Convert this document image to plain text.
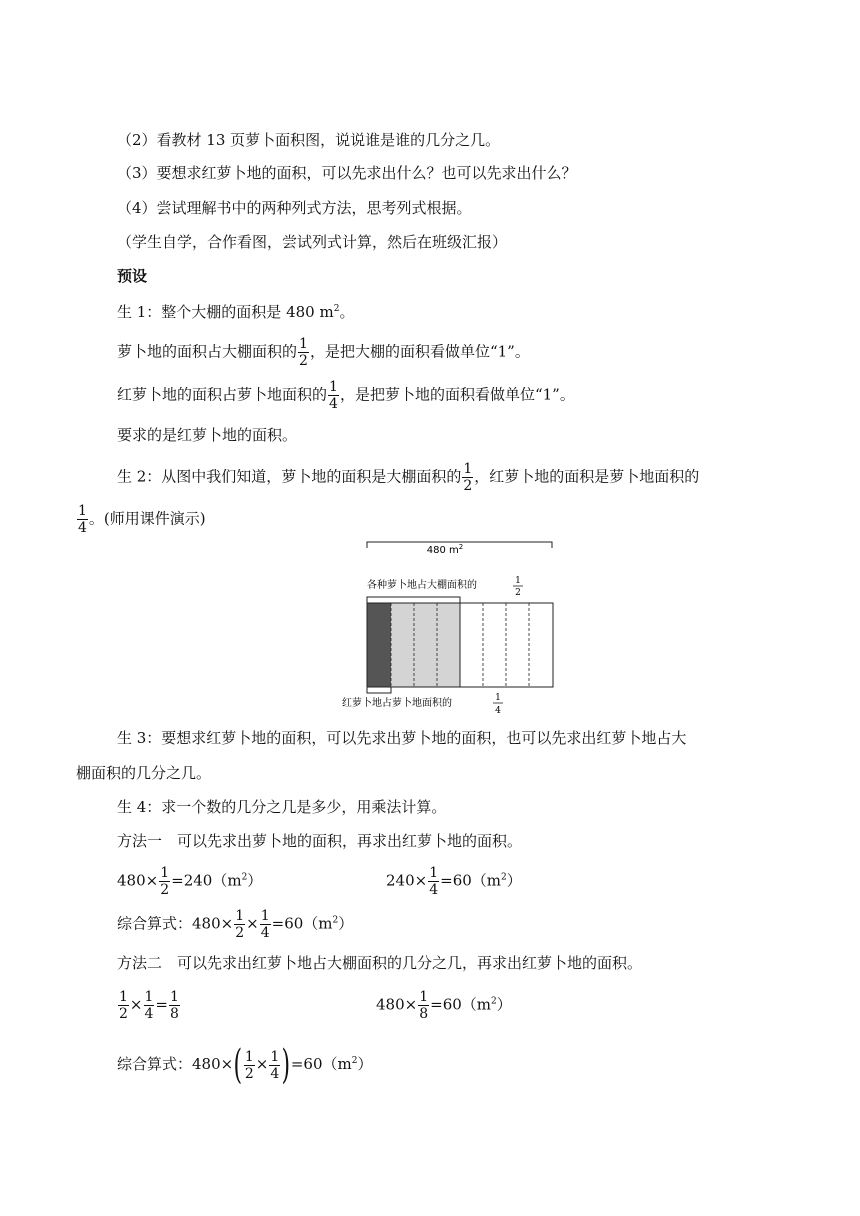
（2）看教材 13 页萝卜面积图，说说谁是谁的几分之几。
（3）要想求红萝卜地的面积，可以先求出什么？也可以先求出什么？
（4）尝试理解书中的两种列式方法，思考列式根据。
（学生自学，合作看图，尝试列式计算，然后在班级汇报）
预设
生 1：整个大棚的面积是 480 $m^2$。
萝卜地的面积占大棚面积的 $\frac{1}{2}$ ，是把大棚的面积看做单位“1”。
红萝卜地的面积占萝卜地面积的 $\frac{1}{4}$ ，是把萝卜地的面积看做单位“1”。
要求的是红萝卜地的面积。
生 2：从图中我们知道，萝卜地的面积是大棚面积的 $\frac{1}{2}$ ，红萝卜地的面积是萝卜地面积的
$\frac{1}{4}$ 。(师用课件演示)
480 $m^2$
各种萝卜地占大棚面积的	1
2
红萝卜地占萝卜地面积的	1
4
生 3：要想求红萝卜地的面积，可以先求出萝卜地的面积，也可以先求出红萝卜地占大
棚面积的几分之几。
生 4：求一个数的几分之几是多少，用乘法计算。
方法一　可以先求出萝卜地的面积，再求出红萝卜地的面积。
$480\times \frac{1}{2} =240(m^2)$	$240\times \frac{1}{4} =60(m^2)$
综合算式：$480\times \frac{1}{2} \times \frac{1}{4} =60(m^2)$
方法二　可以先求出红萝卜地占大棚面积的几分之几，再求出红萝卜地的面积。
$\frac{1}{2} \times \frac{1}{4} = \frac{1}{8}$	$480\times \frac{1}{8} =60(m^2)$
综合算式：$480\times( \frac{1}{2} \times \frac{1}{4} )=60(m^2)$
